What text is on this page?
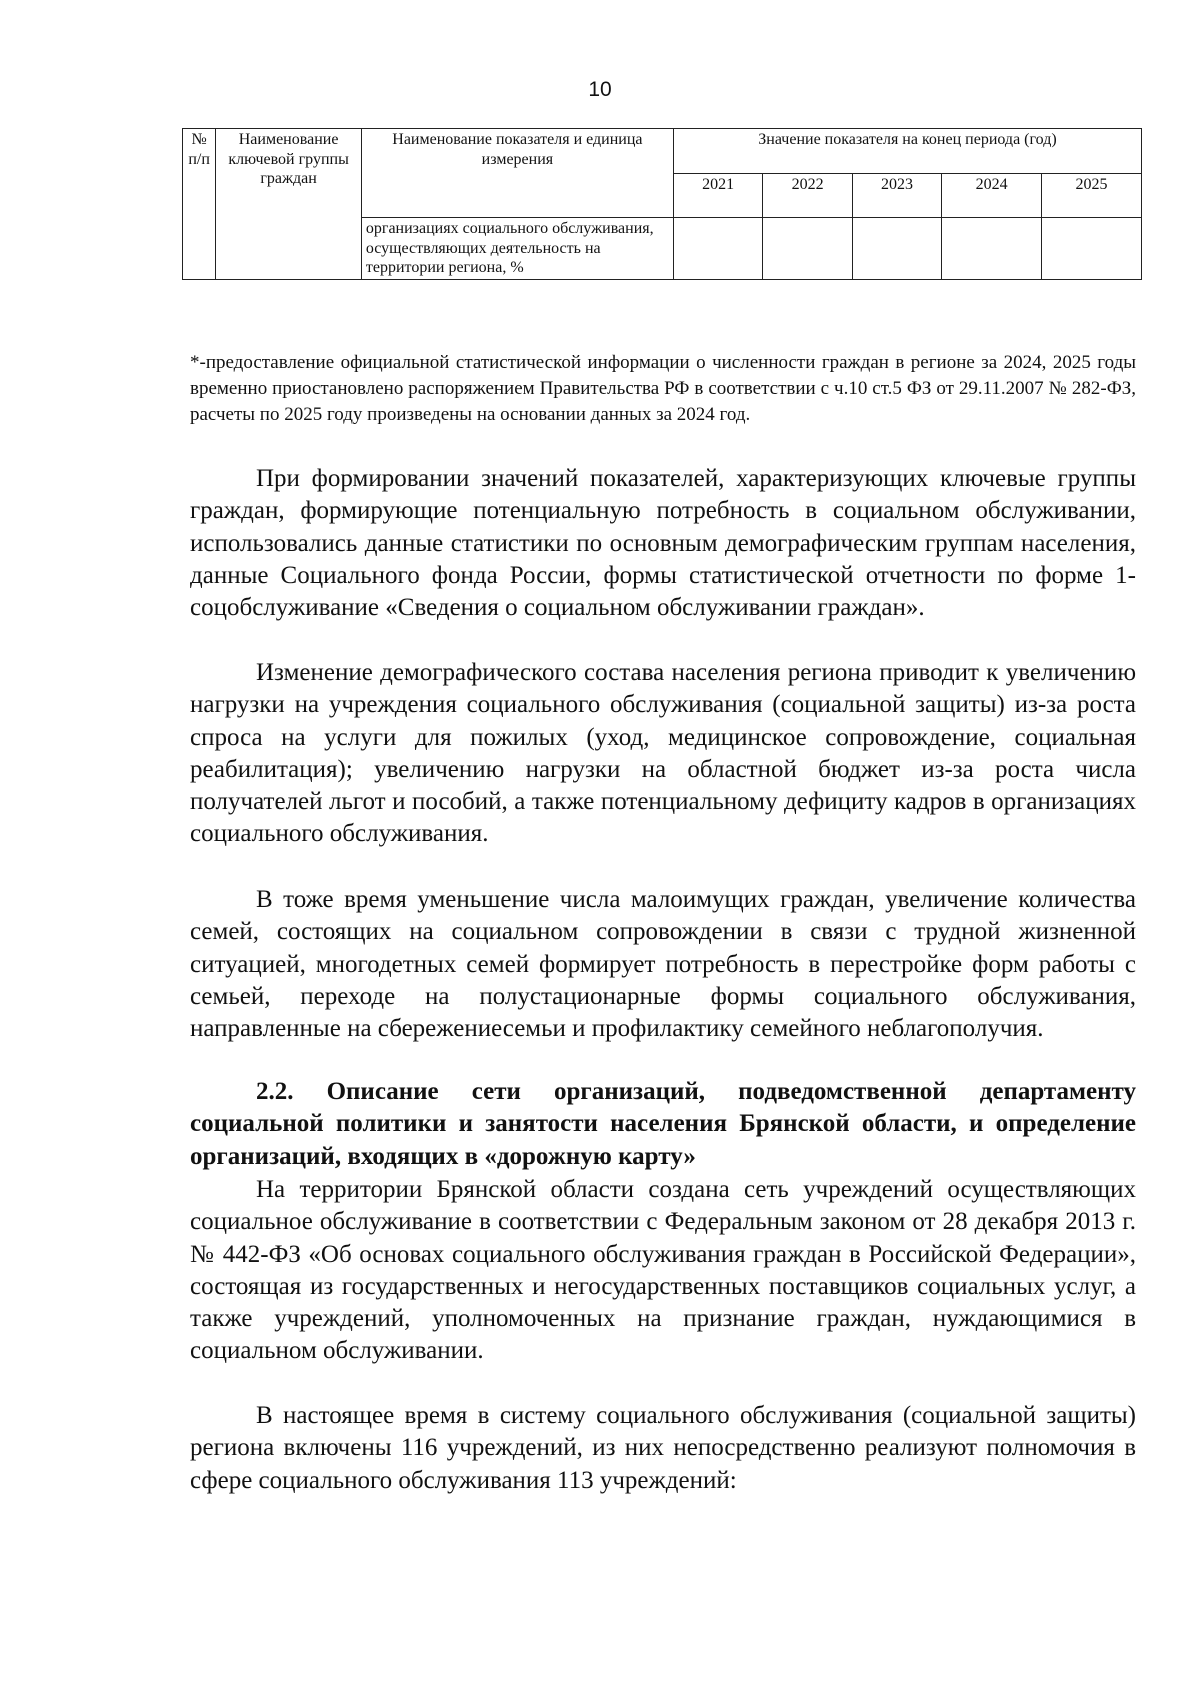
10
№ п/п	Наименование ключевой группы граждан	Наименование показателя и единица измерения	Значение показателя на конец периода (год)				
			2021	2022	2023	2024	2025
		организациях социального обслуживания, осуществляющих деятельность на территории региона, %					

*-предоставление официальной статистической информации о численности граждан в регионе за 2024, 2025 годы временно приостановлено распоряжением Правительства РФ в соответствии с ч.10 ст.5 ФЗ от 29.11.2007 № 282-ФЗ, расчеты по 2025 году произведены на основании данных за 2024 год.

При формировании значений показателей, характеризующих ключевые группы граждан, формирующие потенциальную потребность в социальном обслуживании, использовались данные статистики по основным демографическим группам населения, данные Социального фонда России, формы статистической отчетности по форме 1- соцобслуживание «Сведения о социальном обслуживании граждан».

Изменение демографического состава населения региона приводит к увеличению нагрузки на учреждения социального обслуживания (социальной защиты) из-за роста спроса на услуги для пожилых (уход, медицинское сопровождение, социальная реабилитация); увеличению нагрузки на областной бюджет из-за роста числа получателей льгот и пособий, а также потенциальному дефициту кадров в организациях социального обслуживания.

В тоже время уменьшение числа малоимущих граждан, увеличение количества семей, состоящих на социальном сопровождении в связи с трудной жизненной ситуацией, многодетных семей формирует потребность в перестройке форм работы с семьей, переходе на полустационарные формы социального обслуживания, направленные на сбережениесемьи и профилактику семейного неблагополучия.

2.2. Описание сети организаций, подведомственной департаменту социальной политики и занятости населения Брянской области, и определение организаций, входящих в «дорожную карту»

На территории Брянской области создана сеть учреждений осуществляющих социальное обслуживание в соответствии с Федеральным законом от 28 декабря 2013 г. № 442-ФЗ «Об основах социального обслуживания граждан в Российской Федерации», состоящая из государственных и негосударственных поставщиков социальных услуг, а также учреждений, уполномоченных на признание граждан, нуждающимися в социальном обслуживании.

В настоящее время в систему социального обслуживания (социальной защиты) региона включены 116 учреждений, из них непосредственно реализуют полномочия в сфере социального обслуживания 113 учреждений:
